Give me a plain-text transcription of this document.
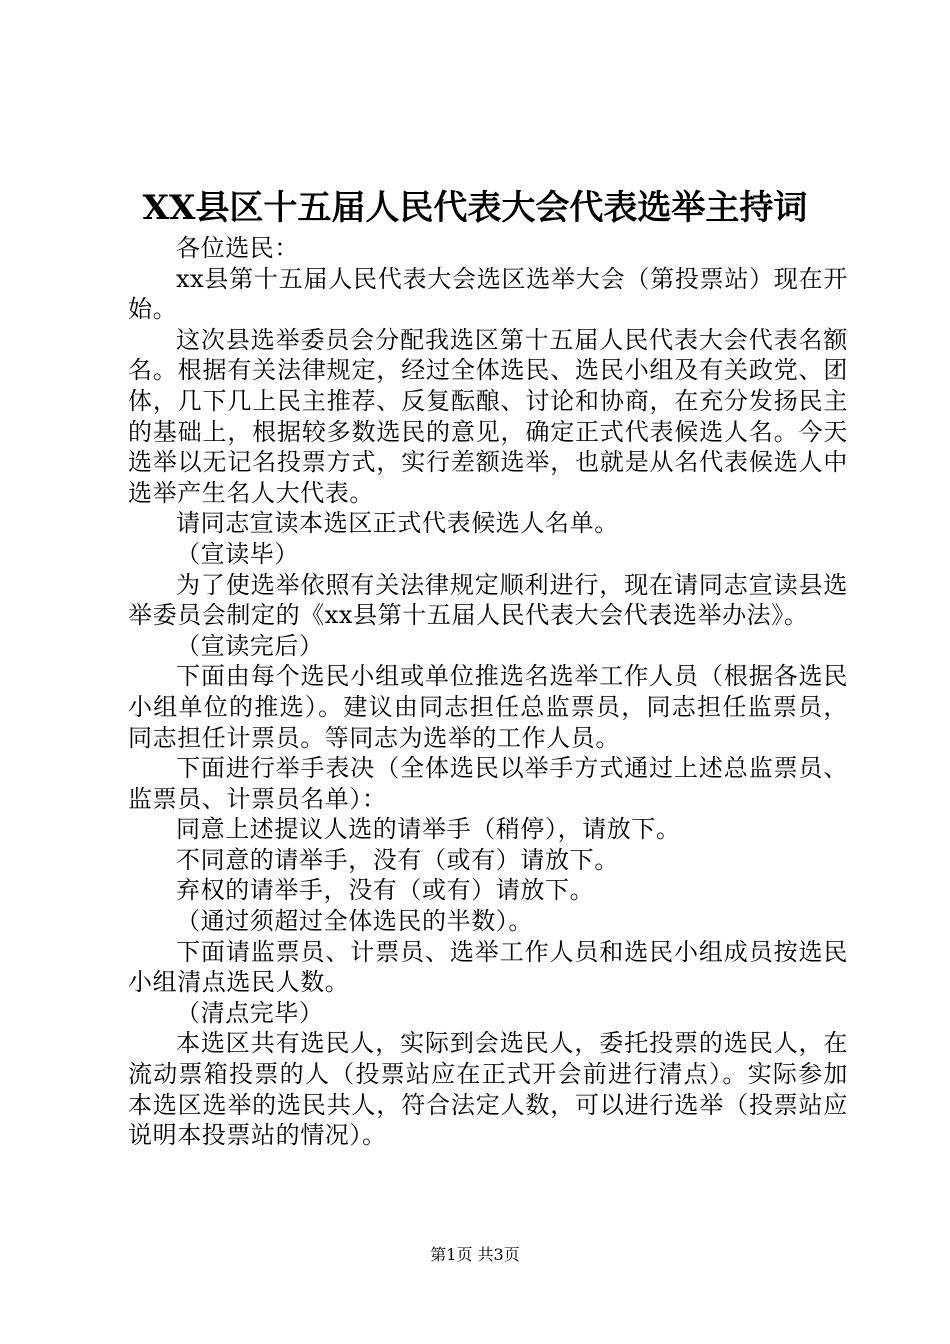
XX县区十五届人民代表大会代表选举主持词

各位选民：

xx县第十五届人民代表大会选区选举大会（第投票站）现在开始。

这次县选举委员会分配我选区第十五届人民代表大会代表名额名。根据有关法律规定，经过全体选民、选民小组及有关政党、团体，几下几上民主推荐、反复酝酿、讨论和协商，在充分发扬民主的基础上，根据较多数选民的意见，确定正式代表候选人名。今天选举以无记名投票方式，实行差额选举，也就是从名代表候选人中选举产生名人大代表。

请同志宣读本选区正式代表候选人名单。

（宣读毕）

为了使选举依照有关法律规定顺利进行，现在请同志宣读县选举委员会制定的《xx县第十五届人民代表大会代表选举办法》。

（宣读完后）

下面由每个选民小组或单位推选名选举工作人员（根据各选民小组单位的推选）。建议由同志担任总监票员，同志担任监票员，同志担任计票员。等同志为选举的工作人员。

下面进行举手表决（全体选民以举手方式通过上述总监票员、监票员、计票员名单）：

同意上述提议人选的请举手（稍停），请放下。

不同意的请举手，没有（或有）请放下。

弃权的请举手，没有（或有）请放下。

（通过须超过全体选民的半数）。

下面请监票员、计票员、选举工作人员和选民小组成员按选民小组清点选民人数。

（清点完毕）

本选区共有选民人，实际到会选民人，委托投票的选民人，在流动票箱投票的人（投票站应在正式开会前进行清点）。实际参加本选区选举的选民共人，符合法定人数，可以进行选举（投票站应说明本投票站的情况）。

第1页 共3页
